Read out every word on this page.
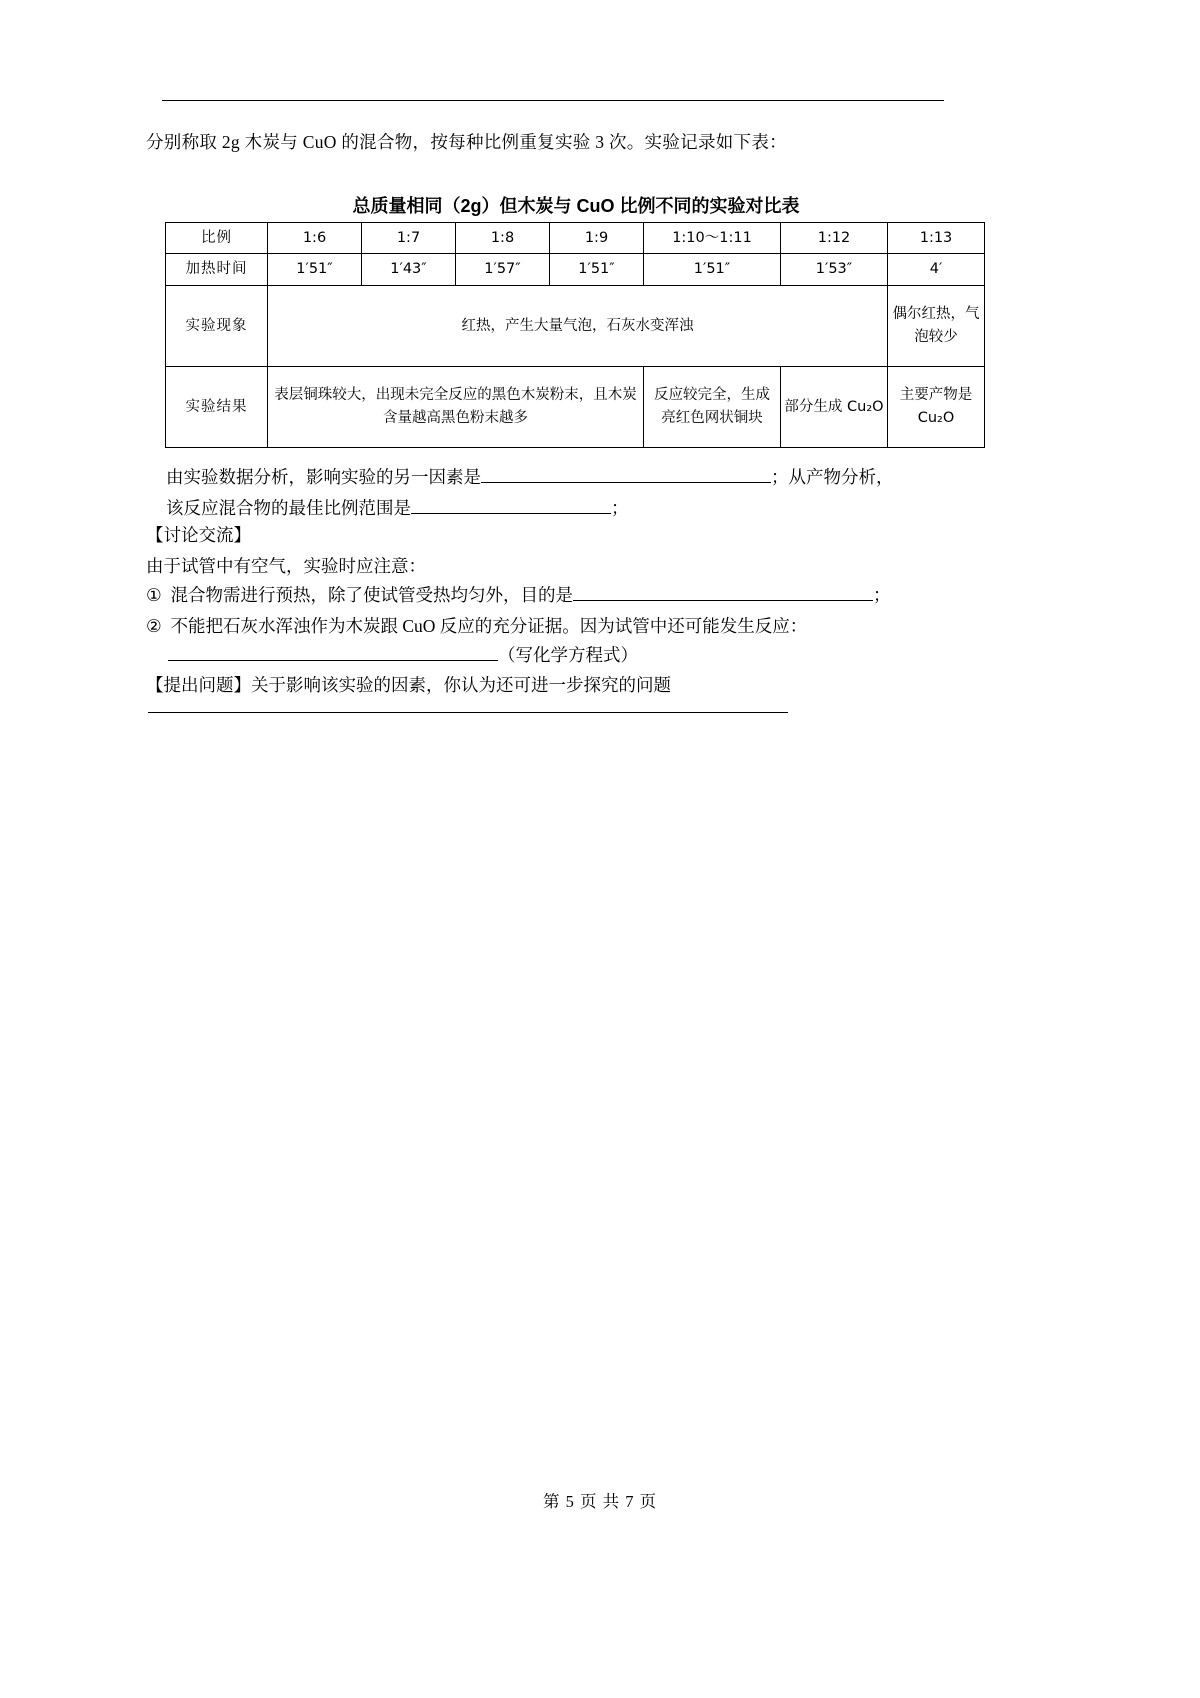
分别称取 2g 木炭与 CuO 的混合物，按每种比例重复实验 3 次。实验记录如下表：
总质量相同（2g）但木炭与 CuO 比例不同的实验对比表
比例	1:6	1:7	1:8	1:9	1:10～1:11	1:12	1:13
加热时间	1′51″	1′43″	1′57″	1′51″	1′51″	1′53″	4′
实验现象	红热，产生大量气泡，石灰水变浑浊						偶尔红热，气泡较少
实验结果	表层铜珠较大，出现未完全反应的黑色木炭粉末，且木炭含量越高黑色粉末越多				反应较完全，生成亮红色网状铜块	部分生成 Cu₂O	主要产物是 Cu₂O
由实验数据分析，影响实验的另一因素是	；从产物分析，
该反应混合物的最佳比例范围是	；
【讨论交流】
由于试管中有空气，实验时应注意：
① 混合物需进行预热，除了使试管受热均匀外，目的是	；
② 不能把石灰水浑浊作为木炭跟 CuO 反应的充分证据。因为试管中还可能发生反应：
（写化学方程式）
【提出问题】关于影响该实验的因素，你认为还可进一步探究的问题
第 5 页 共 7 页
